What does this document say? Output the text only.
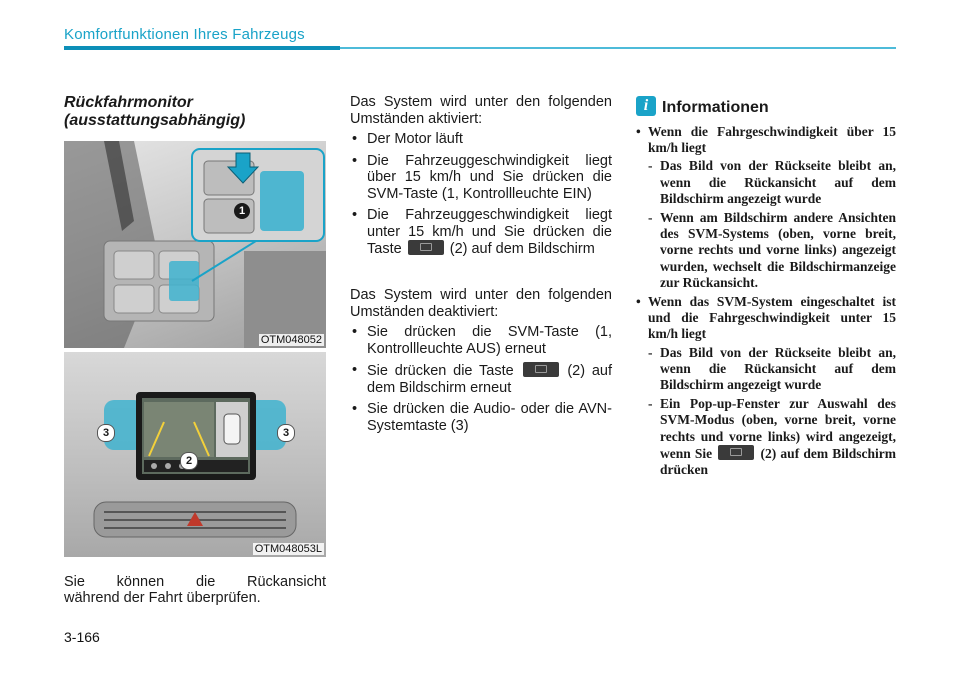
Komfortfunktionen Ihres Fahrzeugs
Rückfahrmonitor
(ausstattungsabhängig)
1
OTM048052
3	3
2
OTM048053L
Sie können die Rückansicht
während der Fahrt überprüfen.
Das System wird unter den folgenden Umständen aktiviert:
• Der Motor läuft
• Die Fahrzeuggeschwindigkeit liegt über 15 km/h und Sie drücken die SVM-Taste (1, Kontrollleuchte EIN)
• Die Fahrzeuggeschwindigkeit liegt unter 15 km/h und Sie drücken die Taste	(2) auf dem Bildschirm
Das System wird unter den folgenden Umständen deaktiviert:
• Sie drücken die SVM-Taste (1, Kontrollleuchte AUS) erneut
• Sie drücken die Taste	(2) auf dem Bildschirm erneut
• Sie drücken die Audio- oder die AVN-Systemtaste (3)
i Informationen
• Wenn die Fahrgeschwindigkeit über 15 km/h liegt
- Das Bild von der Rückseite bleibt an, wenn die Rückansicht auf dem Bildschirm angezeigt wurde
- Wenn am Bildschirm andere Ansichten des SVM-Systems (oben, vorne breit, vorne rechts und vorne links) angezeigt wurden, wechselt die Bildschirmanzeige zur Rückansicht.
• Wenn das SVM-System eingeschaltet ist und die Fahrgeschwindigkeit unter 15 km/h liegt
- Das Bild von der Rückseite bleibt an, wenn die Rückansicht auf dem Bildschirm angezeigt wurde
- Ein Pop-up-Fenster zur Auswahl des SVM-Modus (oben, vorne breit, vorne rechts und vorne links) wird angezeigt, wenn Sie	(2) auf dem Bildschirm drücken
3-166
